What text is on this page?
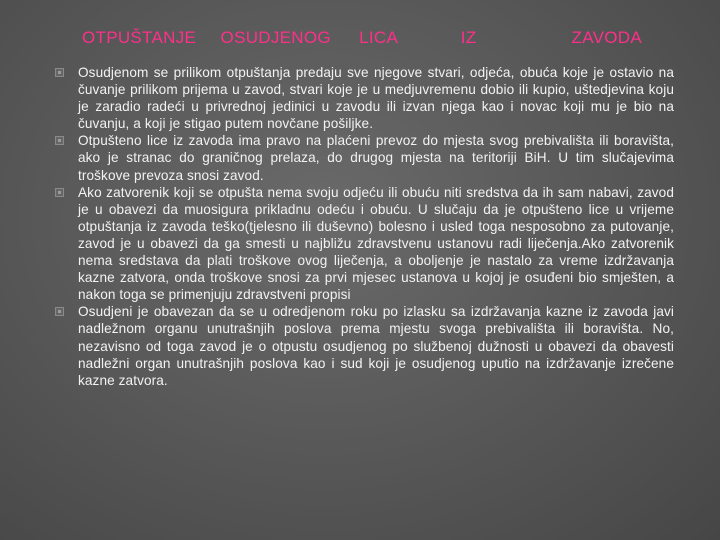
OTPUŠTANJE	OSUDJENOG	LICA	IZ	ZAVODA
Osudjenom se prilikom otpuštanja predaju sve njegove stvari, odjeća, obuća koje je ostavio na čuvanje prilikom prijema u zavod, stvari koje je u medjuvremenu dobio ili kupio, uštedjevina koju je zaradio radeći u privrednoj jedinici u zavodu ili izvan njega kao i novac koji mu je bio na čuvanju, a koji je stigao putem novčane pošiljke.
Otpušteno lice iz zavoda ima pravo na plaćeni prevoz do mjesta svog prebivališta ili boravišta, ako je stranac do graničnog prelaza, do drugog mjesta na teritoriji BiH. U tim slučajevima troškove prevoza snosi zavod.
Ako zatvorenik koji se otpušta nema svoju odjeću ili obuću niti sredstva da ih sam nabavi, zavod je u obavezi da muosigura prikladnu odeću i obuću. U slučaju da je otpušteno lice u vrijeme otpuštanja iz zavoda teško(tjelesno ili duševno) bolesno i usled toga nesposobno za putovanje, zavod je u obavezi da ga smesti u najbližu zdravstvenu ustanovu radi liječenja.Ako zatvorenik nema sredstava da plati troškove ovog liječenja, a oboljenje je nastalo za vreme izdržavanja kazne zatvora, onda troškove snosi za prvi mjesec ustanova u kojoj je osuđeni bio smješten, a nakon toga se primenjuju zdravstveni propisi
Osudjeni je obavezan da se u odredjenom roku po izlasku sa izdržavanja kazne iz zavoda javi nadležnom organu unutrašnjih poslova prema mjestu svoga prebivališta ili boravišta. No, nezavisno od toga zavod je o otpustu osudjenog po službenoj dužnosti u obavezi da obavesti nadležni organ unutrašnjih poslova kao i sud koji je osudjenog uputio na izdržavanje izrečene kazne zatvora.
